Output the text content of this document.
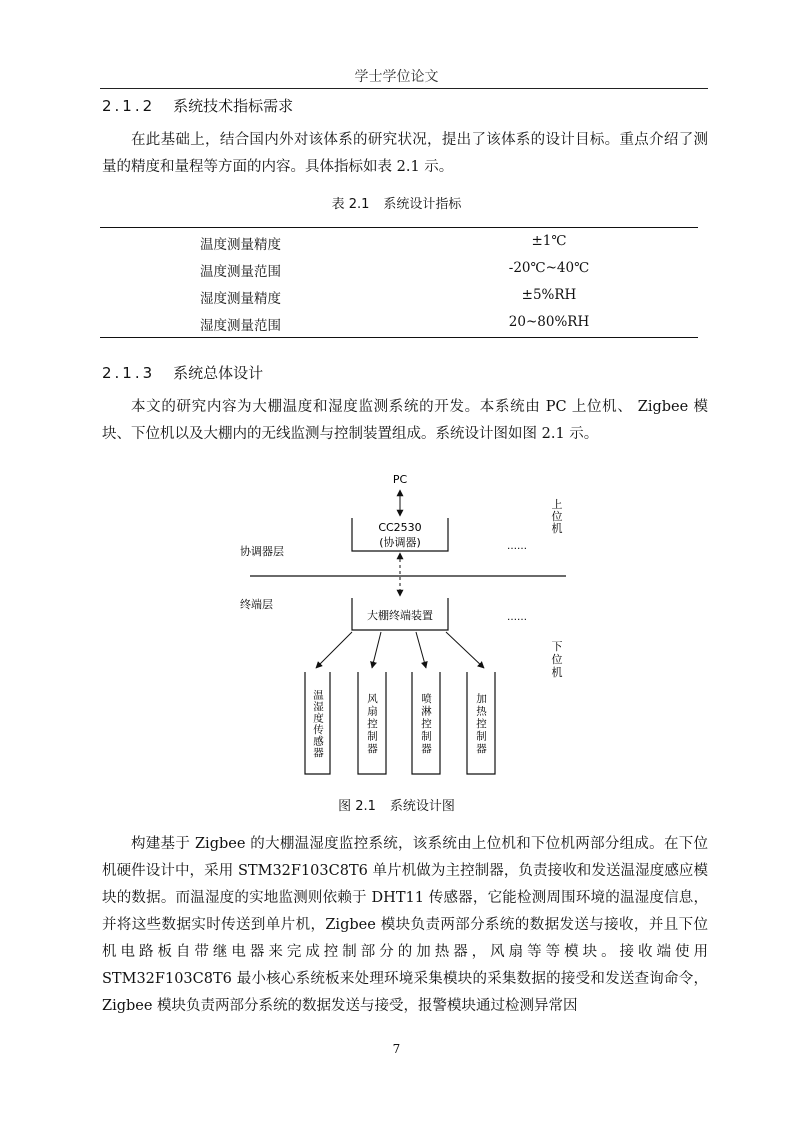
学士学位论文
2.1.2 系统技术指标需求
在此基础上，结合国内外对该体系的研究状况，提出了该体系的设计目标。重点介绍了测量的精度和量程等方面的内容。具体指标如表 2.1 示。
表 2.1 系统设计指标
温度测量精度	±1℃
温度测量范围	-20℃~40℃
湿度测量精度	±5%RH
湿度测量范围	20~80%RH
2.1.3 系统总体设计
本文的研究内容为大棚温度和湿度监测系统的开发。本系统由 PC 上位机、 Zigbee 模块、下位机以及大棚内的无线监测与控制装置组成。系统设计图如图 2.1 示。
PC
CC2530
(协调器)
协调器层
终端层
……
……
大棚终端装置
上
位
机
下
位
机
温湿度传感器	风扇控制器	喷淋控制器	加热控制器
图 2.1 系统设计图
构建基于 Zigbee 的大棚温湿度监控系统，该系统由上位机和下位机两部分组成。在下位机硬件设计中，采用 STM32F103C8T6 单片机做为主控制器，负责接收和发送温湿度感应模块的数据。而温湿度的实地监测则依赖于 DHT11 传感器，它能检测周围环境的温湿度信息，并将这些数据实时传送到单片机，Zigbee 模块负责两部分系统的数据发送与接收，并且下位机电路板自带继电器来完成控制部分的加热器，风扇等等模块。接收端使用 STM32F103C8T6 最小核心系统板来处理环境采集模块的采集数据的接受和发送查询命令，Zigbee 模块负责两部分系统的数据发送与接受，报警模块通过检测异常因
7
